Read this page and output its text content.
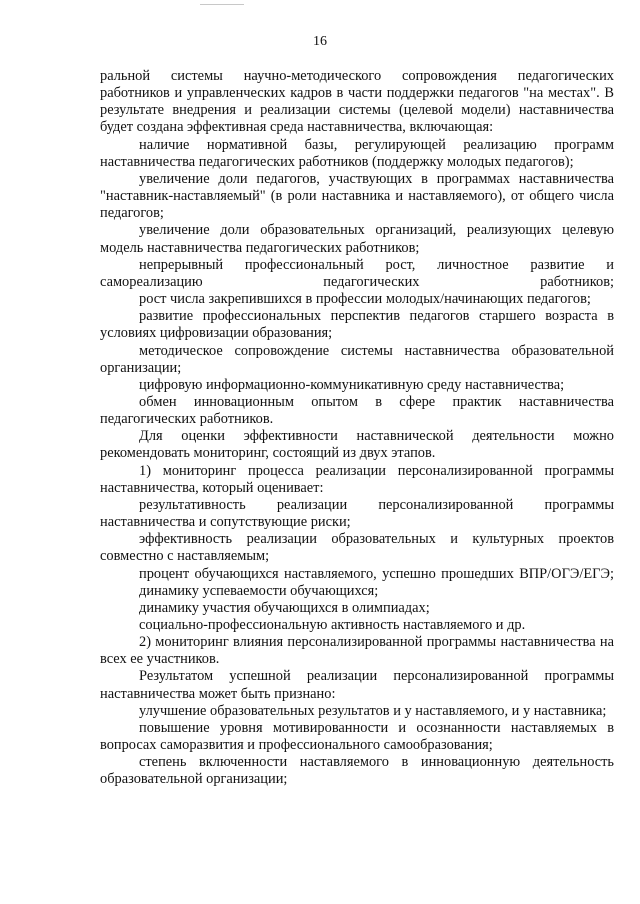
16

ральной системы научно-методического сопровождения педагогических работников и управленческих кадров в части поддержки педагогов "на местах". В результате внедрения и реализации системы (целевой модели) наставничества будет создана эффективная среда наставничества, включающая:

наличие нормативной базы, регулирующей реализацию программ наставничества педагогических работников (поддержку молодых педагогов);

увеличение доли педагогов, участвующих в программах наставничества "наставник-наставляемый" (в роли наставника и наставляемого), от общего числа педагогов;

увеличение доли образовательных организаций, реализующих целевую модель наставничества педагогических работников;

непрерывный профессиональный рост, личностное развитие и самореализацию педагогических работников;

рост числа закрепившихся в профессии молодых/начинающих педагогов;

развитие профессиональных перспектив педагогов старшего возраста в условиях цифровизации образования;

методическое сопровождение системы наставничества образовательной организации;

цифровую информационно-коммуникативную среду наставничества;

обмен инновационным опытом в сфере практик наставничества педагогических работников.

Для оценки эффективности наставнической деятельности можно рекомендовать мониторинг, состоящий из двух этапов.

1) мониторинг процесса реализации персонализированной программы наставничества, который оценивает:

результативность реализации персонализированной программы наставничества и сопутствующие риски;

эффективность реализации образовательных и культурных проектов совместно с наставляемым;

процент обучающихся наставляемого, успешно прошедших ВПР/ОГЭ/ЕГЭ;

динамику успеваемости обучающихся;

динамику участия обучающихся в олимпиадах;

социально-профессиональную активность наставляемого и др.

2) мониторинг влияния персонализированной программы наставничества на всех ее участников.

Результатом успешной реализации персонализированной программы наставничества может быть признано:

улучшение образовательных результатов и у наставляемого, и у наставника;

повышение уровня мотивированности и осознанности наставляемых в вопросах саморазвития и профессионального самообразования;

степень включенности наставляемого в инновационную деятельность образовательной организации;
